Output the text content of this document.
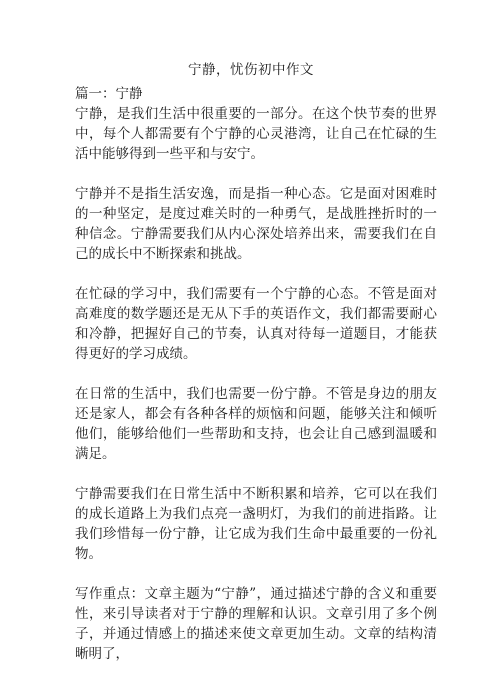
宁静，忧伤初中作文

篇一：宁静

宁静，是我们生活中很重要的一部分。在这个快节奏的世界中，每个人都需要有个宁静的心灵港湾，让自己在忙碌的生活中能够得到一些平和与安宁。

宁静并不是指生活安逸，而是指一种心态。它是面对困难时的一种坚定，是度过难关时的一种勇气，是战胜挫折时的一种信念。宁静需要我们从内心深处培养出来，需要我们在自己的成长中不断探索和挑战。

在忙碌的学习中，我们需要有一个宁静的心态。不管是面对高难度的数学题还是无从下手的英语作文，我们都需要耐心和冷静，把握好自己的节奏，认真对待每一道题目，才能获得更好的学习成绩。

在日常的生活中，我们也需要一份宁静。不管是身边的朋友还是家人，都会有各种各样的烦恼和问题，能够关注和倾听他们，能够给他们一些帮助和支持，也会让自己感到温暖和满足。

宁静需要我们在日常生活中不断积累和培养，它可以在我们的成长道路上为我们点亮一盏明灯，为我们的前进指路。让我们珍惜每一份宁静，让它成为我们生命中最重要的一份礼物。

写作重点：文章主题为“宁静”，通过描述宁静的含义和重要性，来引导读者对于宁静的理解和认识。文章引用了多个例子，并通过情感上的描述来使文章更加生动。文章的结构清晰明了，
